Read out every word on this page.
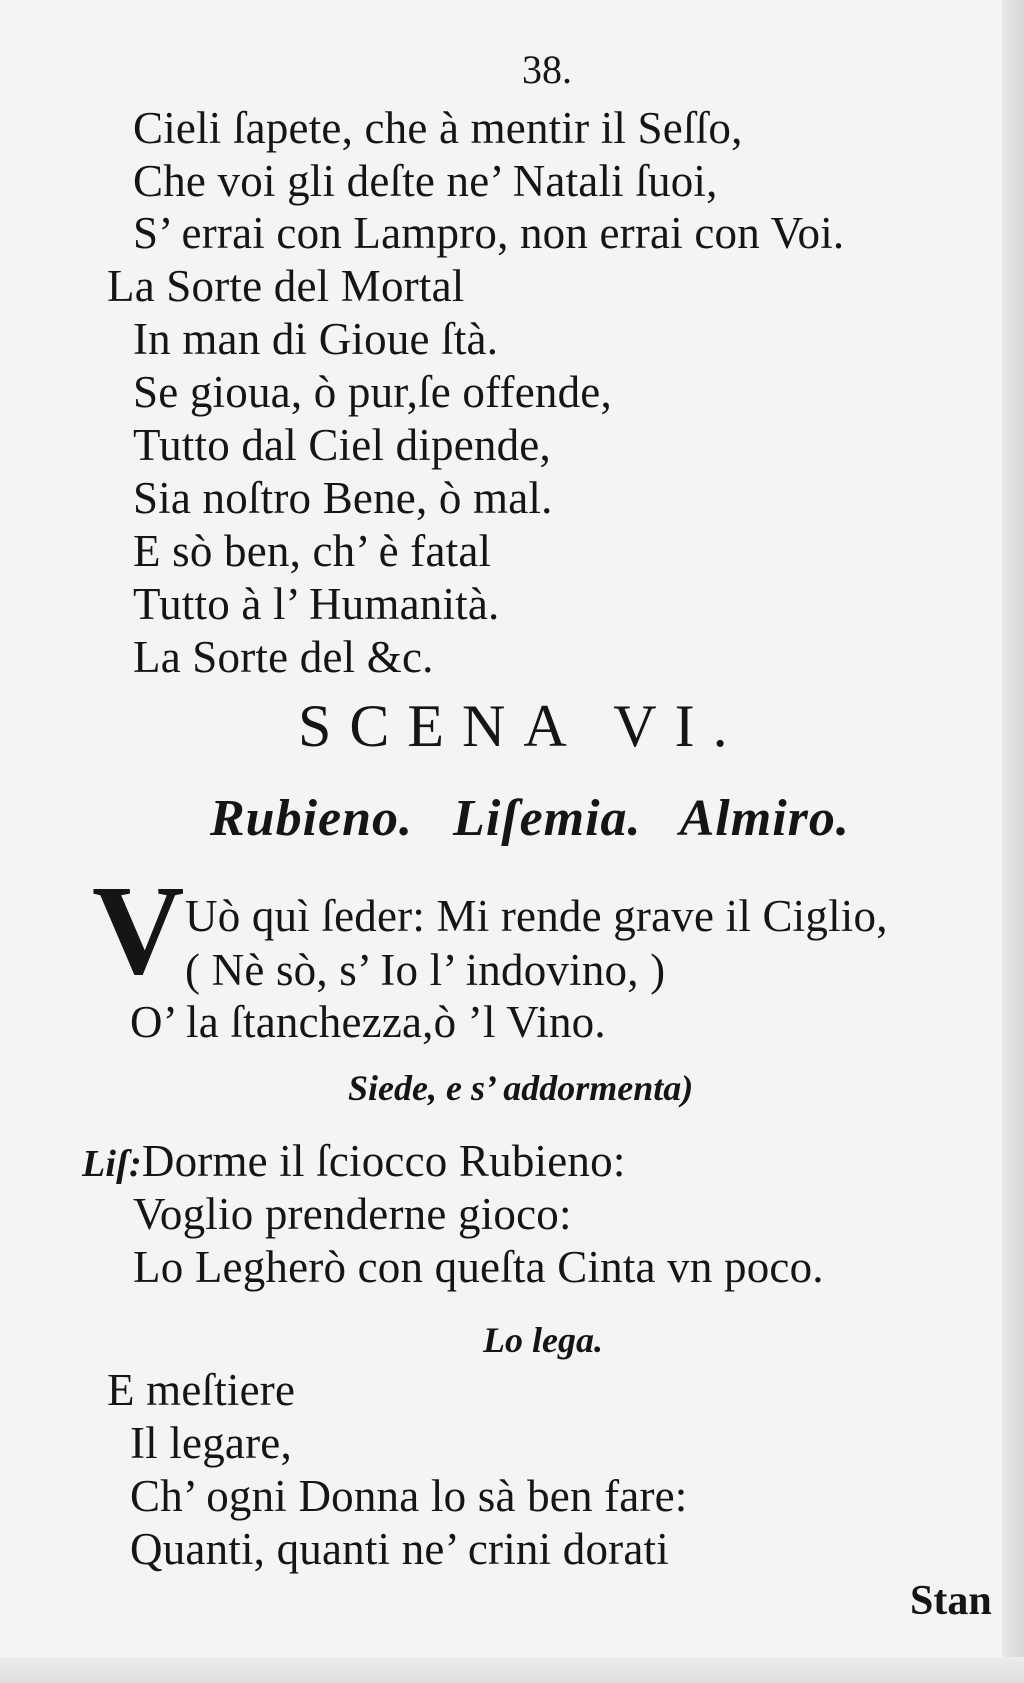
38.
Cieli ſapete, che à mentir il Seſſo,
Che voi gli deſte ne’ Natali ſuoi,
S’ errai con Lampro, non errai con Voi.
La Sorte del Mortal
In man di Gioue ſtà.
Se gioua, ò pur,ſe offende,
Tutto dal Ciel dipende,
Sia noſtro Bene, ò mal.
E sò ben, ch’ è fatal
Tutto à l’ Humanità.
La Sorte del &c.
SCENA VI.
Rubieno. Liſemia. Almiro.
V Uò quì ſeder: Mi rende grave il Ciglio,
( Nè sò, s’ Io l’ indovino, )
O’ la ſtanchezza,ò ’l Vino.
Siede, e s’ addormenta)
Liſ:Dorme il ſciocco Rubieno:
Voglio prenderne gioco:
Lo Legherò con queſta Cinta vn poco.
Lo lega.
E meſtiere
Il legare,
Ch’ ogni Donna lo sà ben fare:
Quanti, quanti ne’ crini dorati
Stan
